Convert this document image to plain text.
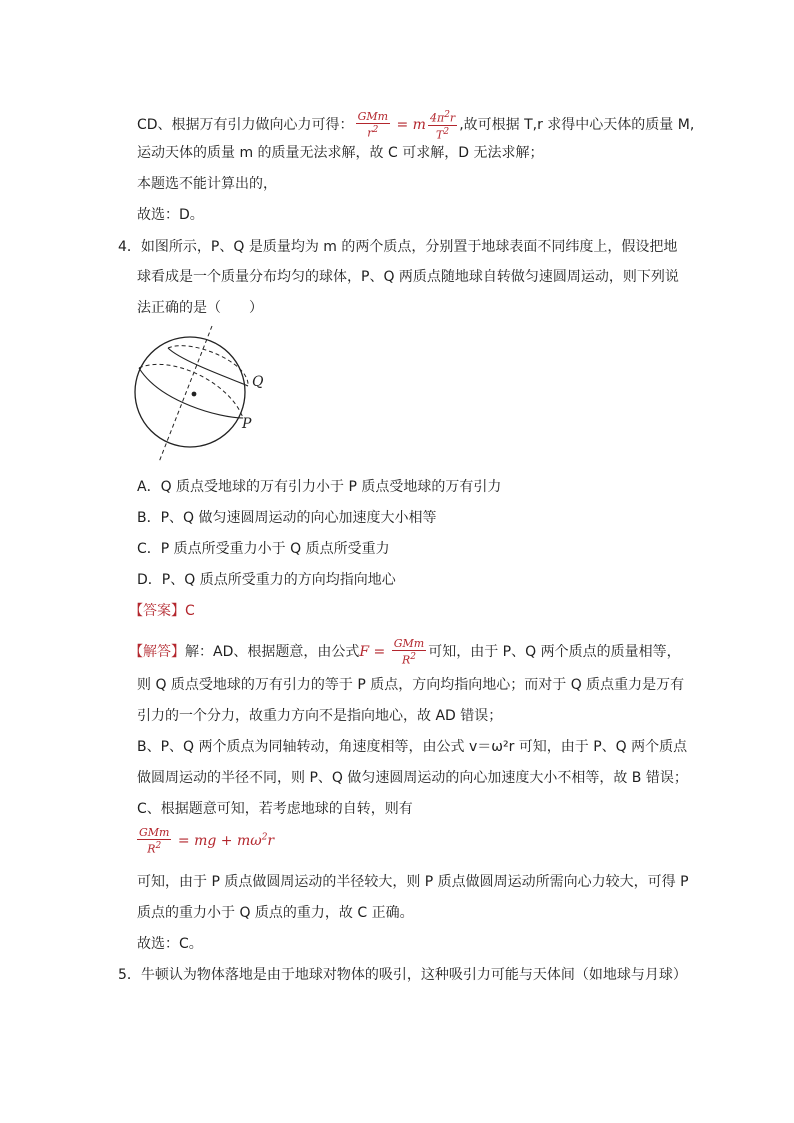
CD、根据万有引力做向心力可得： $\frac{\text{GMm}}{r^2} = m \frac{4\pi^2r}{T^2}$ ,故可根据 T,r 求得中心天体的质量 M,
运动天体的质量 m 的质量无法求解，故 C 可求解，D 无法求解；
本题选不能计算出的，
故选：D。
4．如图所示，P、Q 是质量均为 m 的两个质点，分别置于地球表面不同纬度上，假设把地
球看成是一个质量分布均匀的球体，P、Q 两质点随地球自转做匀速圆周运动，则下列说
法正确的是（　　）
Q
P
A．Q 质点受地球的万有引力小于 P 质点受地球的万有引力
B．P、Q 做匀速圆周运动的向心加速度大小相等
C．P 质点所受重力小于 Q 质点所受重力
D．P、Q 质点所受重力的方向均指向地心
【答案】C
【解答】解：AD、根据题意，由公式$F = \frac{\text{GMm}}{R^2}$ 可知，由于 P、Q 两个质点的质量相等，
则 Q 质点受地球的万有引力的等于 P 质点，方向均指向地心；而对于 Q 质点重力是万有
引力的一个分力，故重力方向不是指向地心，故 AD 错误；
B、P、Q 两个质点为同轴转动，角速度相等，由公式 v＝ω²r 可知，由于 P、Q 两个质点
做圆周运动的半径不同，则 P、Q 做匀速圆周运动的向心加速度大小不相等，故 B 错误；
C、根据题意可知，若考虑地球的自转，则有
$\frac{\text{GMm}}{R^2}$ = mg + $m\omega^2r$
可知，由于 P 质点做圆周运动的半径较大，则 P 质点做圆周运动所需向心力较大，可得 P
质点的重力小于 Q 质点的重力，故 C 正确。
故选：C。
5．牛顿认为物体落地是由于地球对物体的吸引，这种吸引力可能与天体间（如地球与月球）
